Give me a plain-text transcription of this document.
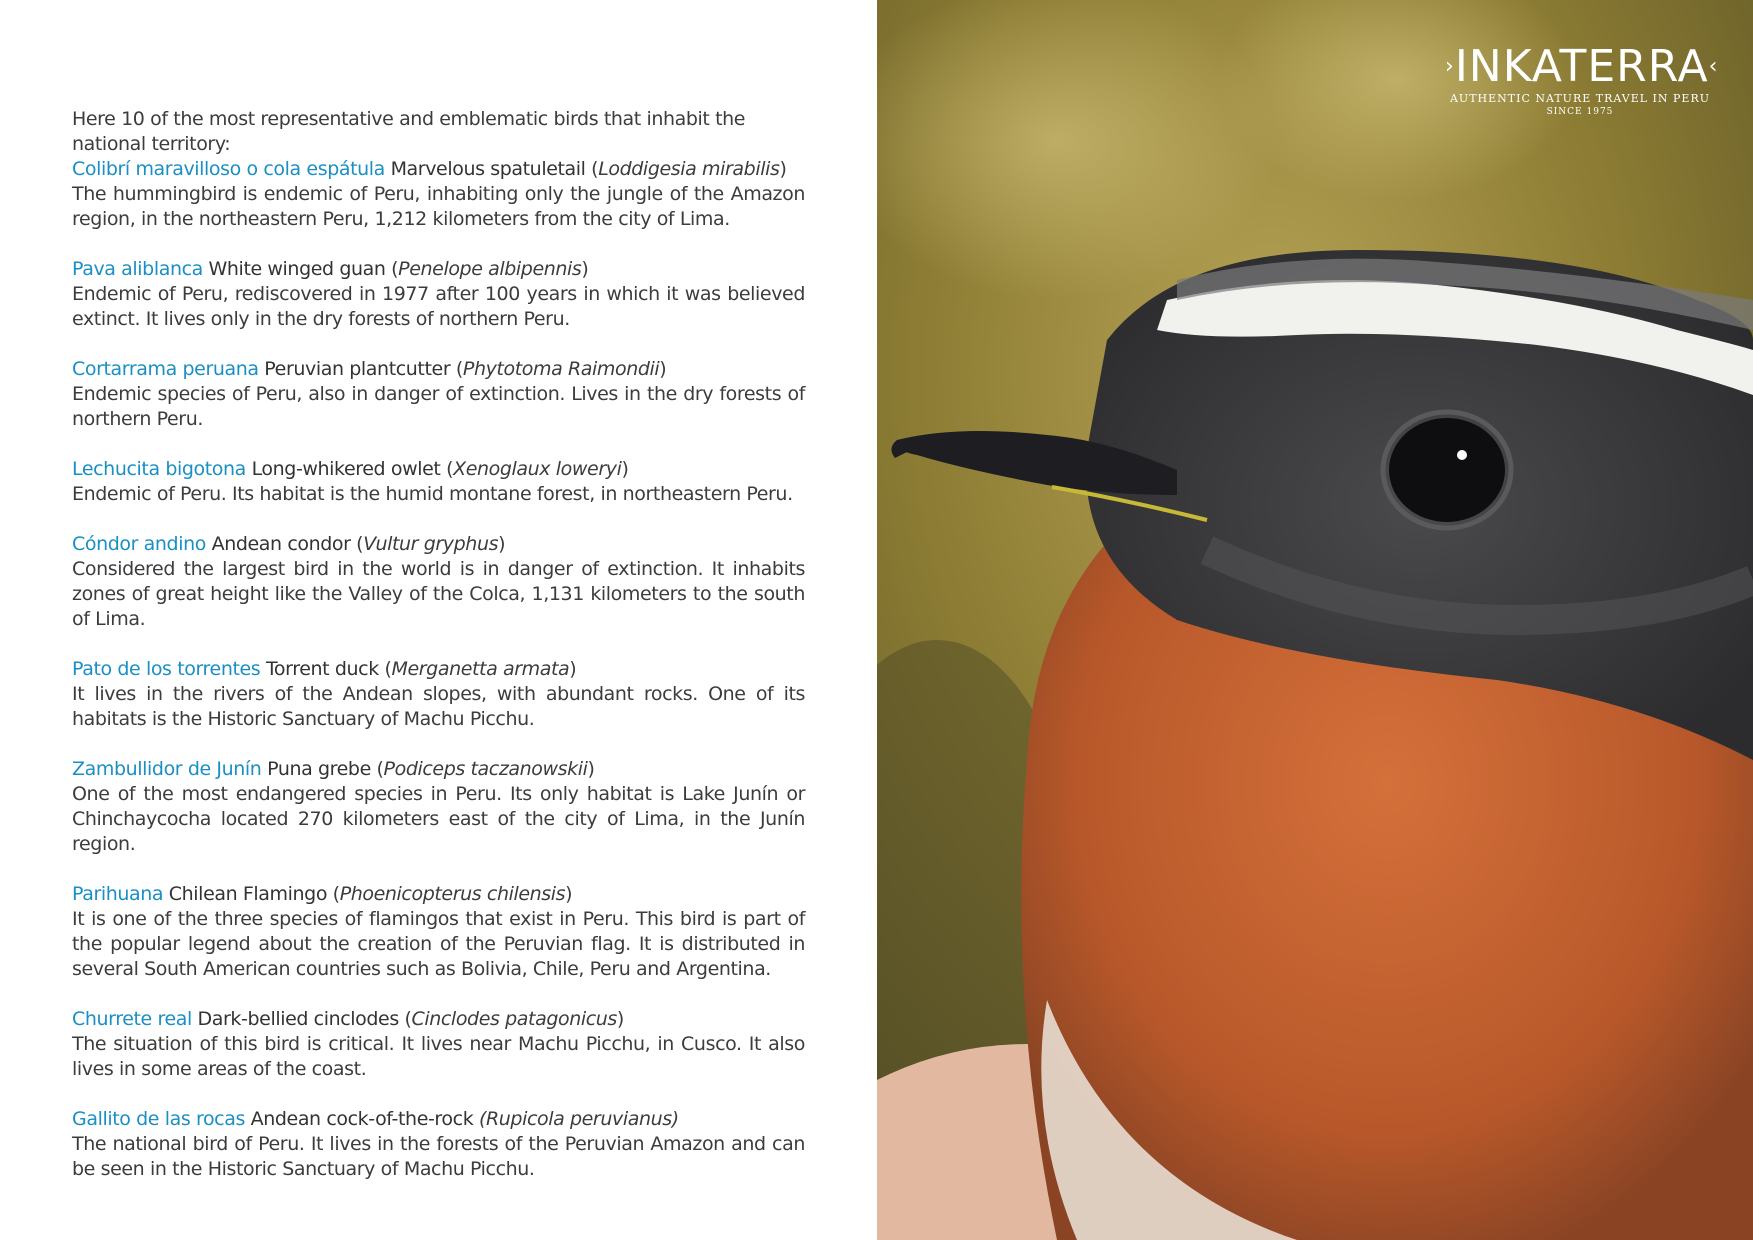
Here 10 of the most representative and emblematic birds that inhabit the national territory:

Colibrí maravilloso o cola espátula Marvelous spatuletail (Loddigesia mirabilis)
The hummingbird is endemic of Peru, inhabiting only the jungle of the Amazon region, in the northeastern Peru, 1,212 kilometers from the city of Lima.
Pava aliblanca White winged guan (Penelope albipennis)
Endemic of Peru, rediscovered in 1977 after 100 years in which it was believed extinct. It lives only in the dry forests of northern Peru.
Cortarrama peruana Peruvian plantcutter (Phytotoma Raimondii)
Endemic species of Peru, also in danger of extinction. Lives in the dry forests of northern Peru.
Lechucita bigotona Long-whikered owlet (Xenoglaux loweryi)
Endemic of Peru. Its habitat is the humid montane forest, in northeastern Peru.
Cóndor andino Andean condor (Vultur gryphus)
Considered the largest bird in the world is in danger of extinction. It inhabits zones of great height like the Valley of the Colca, 1,131 kilometers to the south of Lima.
Pato de los torrentes Torrent duck (Merganetta armata)
It lives in the rivers of the Andean slopes, with abundant rocks. One of its habitats is the Historic Sanctuary of Machu Picchu.
Zambullidor de Junín Puna grebe (Podiceps taczanowskii)
One of the most endangered species in Peru. Its only habitat is Lake Junín or Chinchaycocha located 270 kilometers east of the city of Lima, in the Junín region.
Parihuana Chilean Flamingo (Phoenicopterus chilensis)
It is one of the three species of flamingos that exist in Peru. This bird is part of the popular legend about the creation of the Peruvian flag. It is distributed in several South American countries such as Bolivia, Chile, Peru and Argentina.
Churrete real Dark-bellied cinclodes (Cinclodes patagonicus)
The situation of this bird is critical. It lives near Machu Picchu, in Cusco. It also lives in some areas of the coast.
Gallito de las rocas Andean cock-of-the-rock (Rupicola peruvianus)
The national bird of Peru. It lives in the forests of the Peruvian Amazon and can be seen in the Historic Sanctuary of Machu Picchu.
›INKATERRA‹
AUTHENTIC NATURE TRAVEL IN PERU
SINCE 1975
